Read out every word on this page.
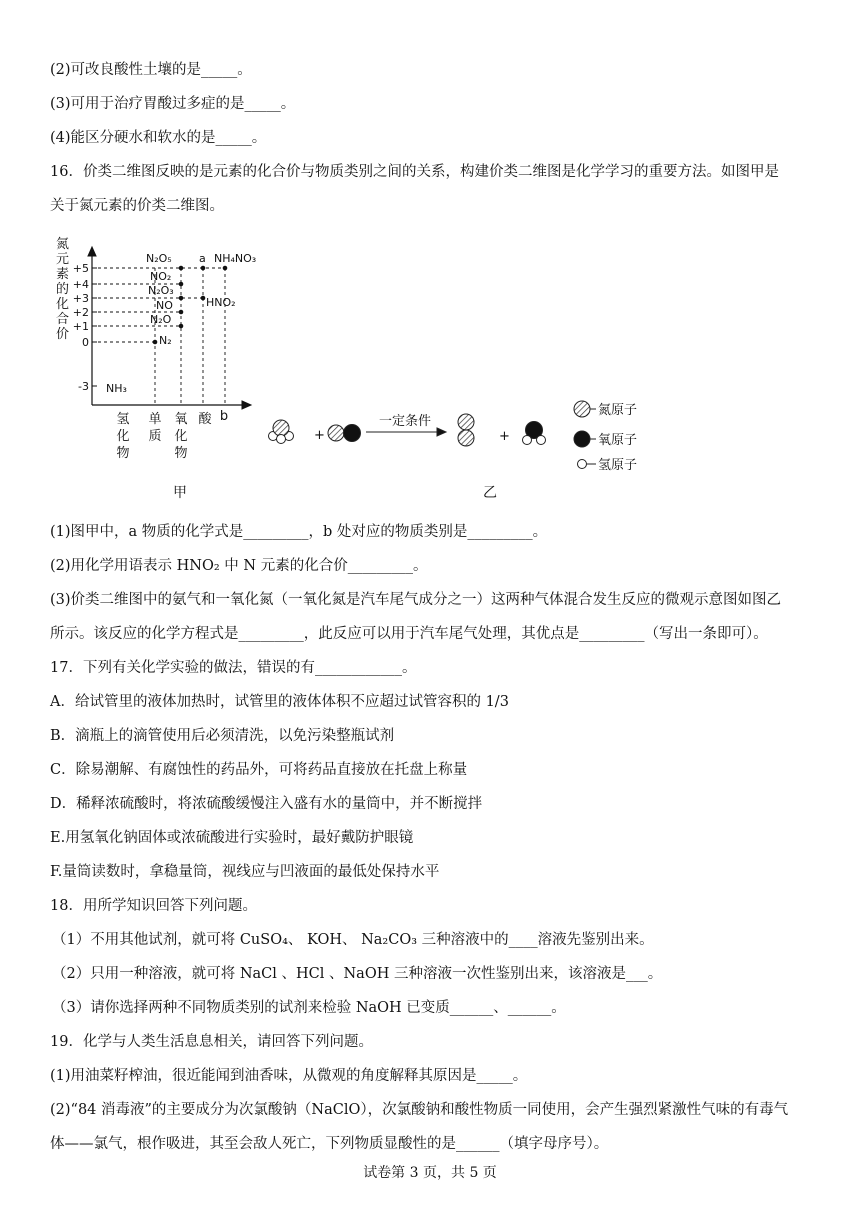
(2)可改良酸性土壤的是_____。
(3)可用于治疗胃酸过多症的是_____。
(4)能区分硬水和软水的是_____。
16．价类二维图反映的是元素的化合价与物质类别之间的关系，构建价类二维图是化学学习的重要方法。如图甲是
关于氮元素的价类二维图。
氮
元
素
的
化
合
价
+5
+4
+3
+2
+1
0
-3
N₂O₅
NO₂
N₂O₃
NO
N₂O
N₂
NH₃
a NH₄NO₃
HNO₂
氢
化
物
单
质
氧
化
物
酸 b
甲
+
一定条件
+
氮原子
氧原子
氢原子
乙
(1)图甲中，a 物质的化学式是_________，b 处对应的物质类别是_________。
(2)用化学用语表示 HNO₂ 中 N 元素的化合价_________。
(3)价类二维图中的氨气和一氧化氮（一氧化氮是汽车尾气成分之一）这两种气体混合发生反应的微观示意图如图乙
所示。该反应的化学方程式是_________，此反应可以用于汽车尾气处理，其优点是_________（写出一条即可）。
17．下列有关化学实验的做法，错误的有____________。
A．给试管里的液体加热时，试管里的液体体积不应超过试管容积的 1/3
B．滴瓶上的滴管使用后必须清洗，以免污染整瓶试剂
C．除易潮解、有腐蚀性的药品外，可将药品直接放在托盘上称量
D．稀释浓硫酸时，将浓硫酸缓慢注入盛有水的量筒中，并不断搅拌
E.用氢氧化钠固体或浓硫酸进行实验时，最好戴防护眼镜
F.量筒读数时，拿稳量筒，视线应与凹液面的最低处保持水平
18．用所学知识回答下列问题。
（1）不用其他试剂，就可将 CuSO₄、 KOH、 Na₂CO₃ 三种溶液中的____溶液先鉴别出来。
（2）只用一种溶液，就可将 NaCl 、HCl 、NaOH 三种溶液一次性鉴别出来，该溶液是___。
（3）请你选择两种不同物质类别的试剂来检验 NaOH 已变质______、______。
19．化学与人类生活息息相关，请回答下列问题。
(1)用油菜籽榨油，很近能闻到油香味，从微观的角度解释其原因是_____。
(2)“84 消毒液”的主要成分为次氯酸钠（NaClO），次氯酸钠和酸性物质一同使用，会产生强烈紧激性气味的有毒气
体——氯气，根作吸进，其至会敌人死亡，下列物质显酸性的是______（填字母序号）。
试卷第 3 页，共 5 页
